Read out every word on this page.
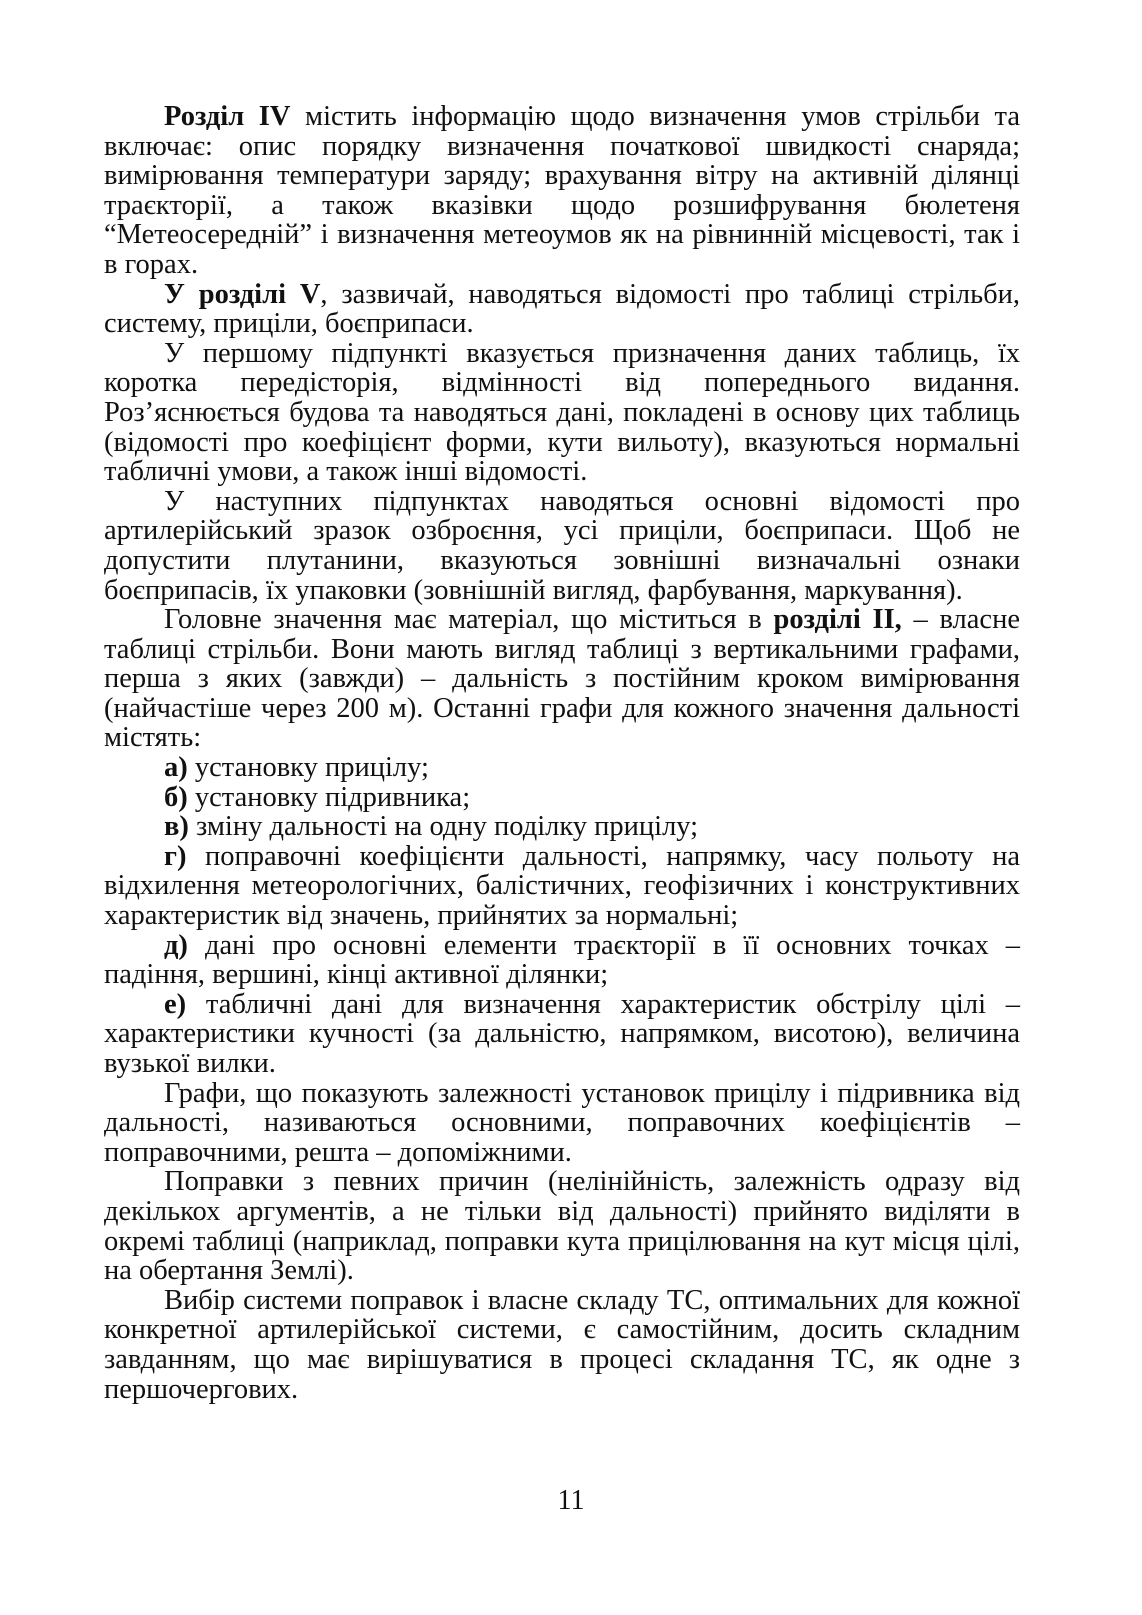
Розділ IV містить інформацію щодо визначення умов стрільби та включає: опис порядку визначення початкової швидкості снаряда; вимірювання температури заряду; врахування вітру на активній ділянці траєкторії, а також вказівки щодо розшифрування бюлетеня “Метеосередній” і визначення метеоумов як на рівнинній місцевості, так і в горах.

У розділі V, зазвичай, наводяться відомості про таблиці стрільби, систему, приціли, боєприпаси.

У першому підпункті вказується призначення даних таблиць, їх коротка передісторія, відмінності від попереднього видання. Роз’яснюється будова та наводяться дані, покладені в основу цих таблиць (відомості про коефіцієнт форми, кути вильоту), вказуються нормальні табличні умови, а також інші відомості.

У наступних підпунктах наводяться основні відомості про артилерійський зразок озброєння, усі приціли, боєприпаси. Щоб не допустити плутанини, вказуються зовнішні визначальні ознаки боєприпасів, їх упаковки (зовнішній вигляд, фарбування, маркування).

Головне значення має матеріал, що міститься в розділі II, – власне таблиці стрільби. Вони мають вигляд таблиці з вертикальними графами, перша з яких (завжди) – дальність з постійним кроком вимірювання (найчастіше через 200 м). Останні графи для кожного значення дальності містять:

а) установку прицілу;

б) установку підривника;

в) зміну дальності на одну поділку прицілу;

г) поправочні коефіцієнти дальності, напрямку, часу польоту на відхилення метеорологічних, балістичних, геофізичних і конструктивних характеристик від значень, прийнятих за нормальні;

д) дані про основні елементи траєкторії в її основних точках – падіння, вершині, кінці активної ділянки;

е) табличні дані для визначення характеристик обстрілу цілі – характеристики кучності (за дальністю, напрямком, висотою), величина вузької вилки.

Графи, що показують залежності установок прицілу і підривника від дальності, називаються основними, поправочних коефіцієнтів – поправочними, решта – допоміжними.

Поправки з певних причин (нелінійність, залежність одразу від декількох аргументів, а не тільки від дальності) прийнято виділяти в окремі таблиці (наприклад, поправки кута прицілювання на кут місця цілі, на обертання Землі).

Вибір системи поправок і власне складу ТС, оптимальних для кожної конкретної артилерійської системи, є самостійним, досить складним завданням, що має вирішуватися в процесі складання ТС, як одне з першочергових.

11
